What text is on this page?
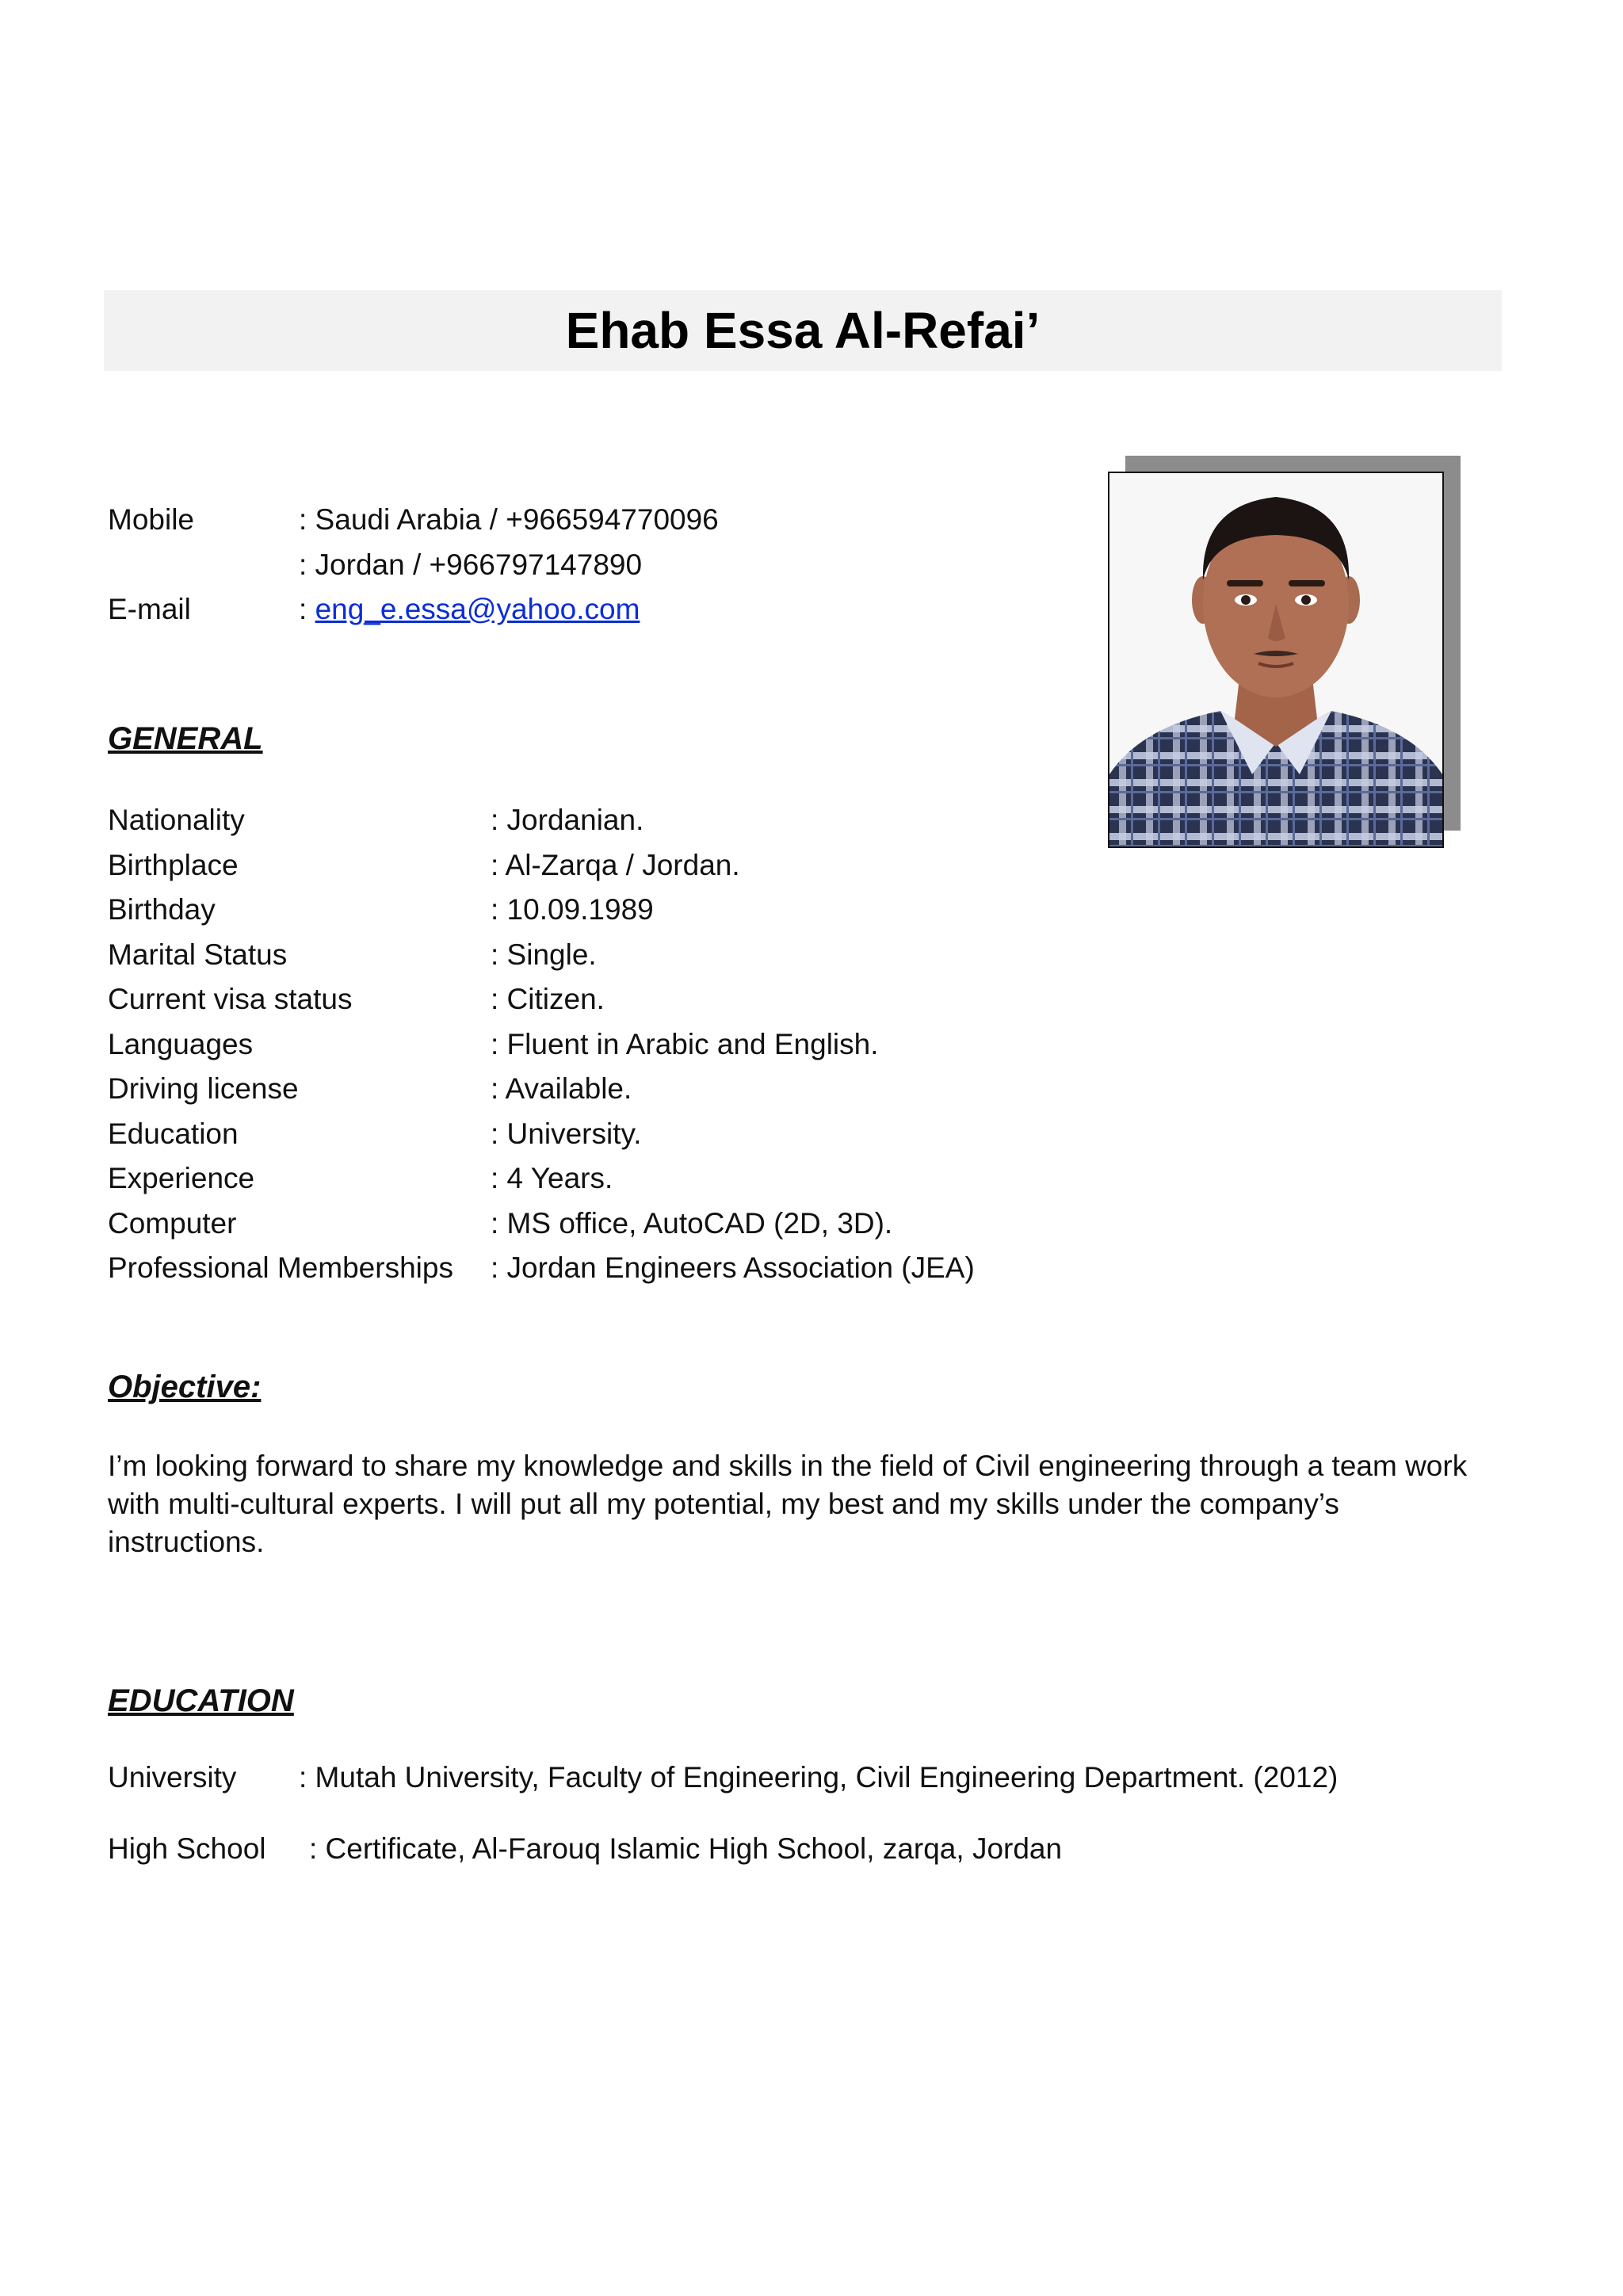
Ehab Essa Al-Refai’
Mobile	: Saudi Arabia / +966594770096
: Jordan / +966797147890
E-mail	: eng_e.essa@yahoo.com
GENERAL
Nationality	: Jordanian.
Birthplace	: Al-Zarqa / Jordan.
Birthday	: 10.09.1989
Marital Status	: Single.
Current visa status	: Citizen.
Languages	: Fluent in Arabic and English.
Driving license	: Available.
Education	: University.
Experience	: 4 Years.
Computer	: MS office, AutoCAD (2D, 3D).
Professional Memberships : Jordan Engineers Association (JEA)
Objective:
I’m looking forward to share my knowledge and skills in the field of Civil engineering through a team work with multi-cultural experts. I will put all my potential, my best and my skills under the company’s instructions.
EDUCATION
University : Mutah University, Faculty of Engineering, Civil Engineering Department. (2012)
High School : Certificate, Al-Farouq Islamic High School, zarqa, Jordan
